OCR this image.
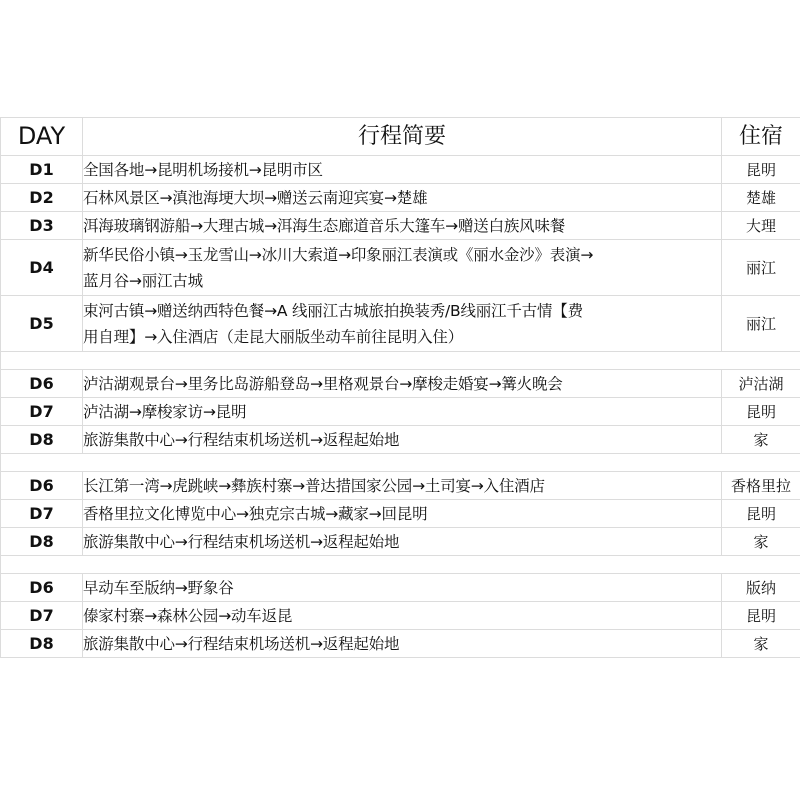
DAY	行程简要	住宿
D1	全国各地→昆明机场接机→昆明市区	昆明
D2	石林风景区→滇池海埂大坝→赠送云南迎宾宴→楚雄	楚雄
D3	洱海玻璃钢游船→大理古城→洱海生态廊道音乐大篷车→赠送白族风味餐	大理
D4	新华民俗小镇→玉龙雪山→冰川大索道→印象丽江表演或《丽水金沙》表演→
蓝月谷→丽江古城	丽江
D5	束河古镇→赠送纳西特色餐→A 线丽江古城旅拍换装秀/B线丽江千古情【费
用自理】→入住酒店（走昆大丽版坐动车前往昆明入住）	丽江

D6	泸沽湖观景台→里务比岛游船登岛→里格观景台→摩梭走婚宴→篝火晚会	泸沽湖
D7	泸沽湖→摩梭家访→昆明	昆明
D8	旅游集散中心→行程结束机场送机→返程起始地	家

D6	长江第一湾→虎跳峡→彝族村寨→普达措国家公园→土司宴→入住酒店	香格里拉
D7	香格里拉文化博览中心→独克宗古城→藏家→回昆明	昆明
D8	旅游集散中心→行程结束机场送机→返程起始地	家

D6	早动车至版纳→野象谷	版纳
D7	傣家村寨→森林公园→动车返昆	昆明
D8	旅游集散中心→行程结束机场送机→返程起始地	家
